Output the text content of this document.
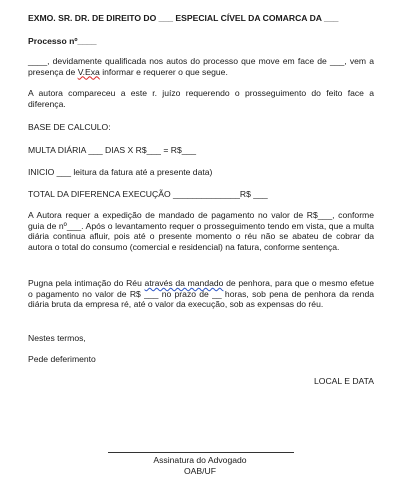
EXMO. SR. DR. DE DIREITO DO ___ ESPECIAL CÍVEL DA COMARCA DA ___

Processo nº____

____, devidamente qualificada nos autos do processo que move em face de ___, vem a presença de V.Exa informar e requerer o que segue.

A autora compareceu a este r. juízo requerendo o prosseguimento do feito face a diferença.

BASE DE CALCULO:

MULTA DIÁRIA ___ DIAS X R$___ = R$___

INICIO ___ leitura da fatura até a presente data)

TOTAL DA DIFERENCA EXECUÇÃO ______________R$ ___

A Autora requer a expedição de mandado de pagamento no valor de R$___, conforme guia de nº___. Após o levantamento requer o prosseguimento tendo em vista, que a multa diária continua afluir, pois até o presente momento o réu não se abateu de cobrar da autora o total do consumo (comercial e residencial) na fatura, conforme sentença.

Pugna pela intimação do Réu através da mandado de penhora, para que o mesmo efetue o pagamento no valor de R$ ___ no prazo de __ horas, sob pena de penhora da renda diária bruta da empresa ré, até o valor da execução, sob as expensas do réu.

Nestes termos,

Pede deferimento

LOCAL E DATA

Assinatura do Advogado

OAB/UF
